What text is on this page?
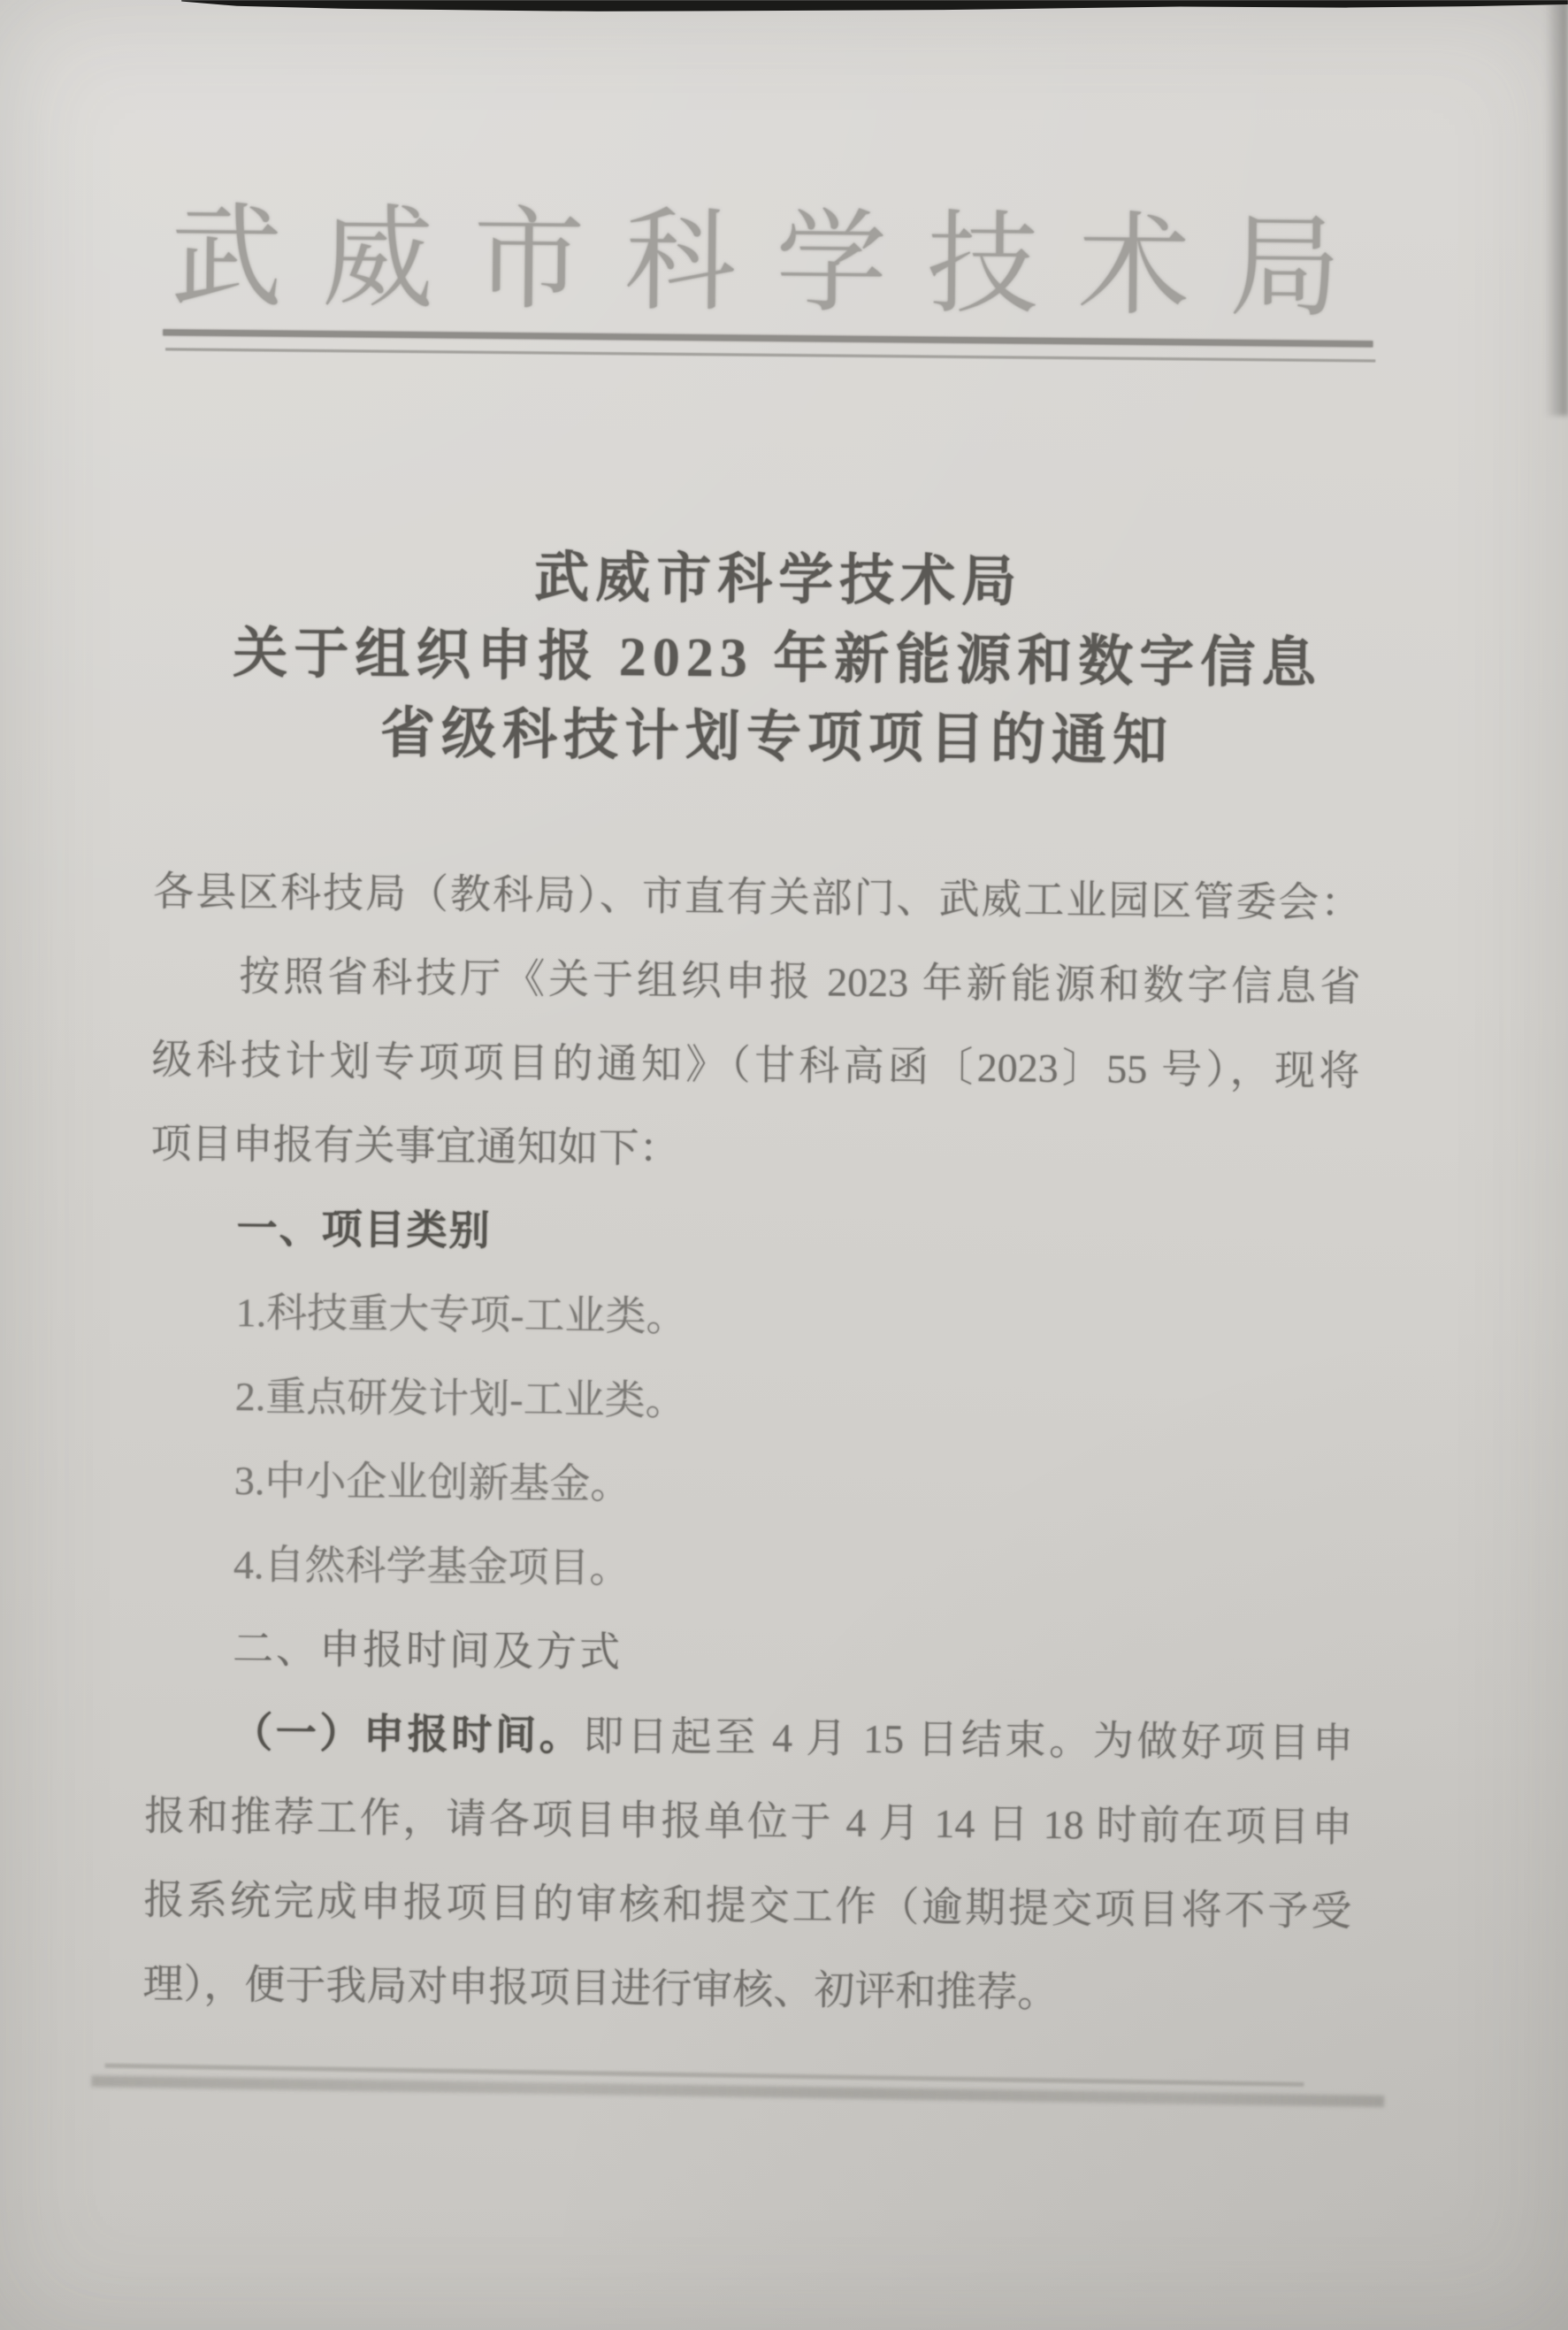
武威市科学技术局
武威市科学技术局
关于组织申报 2023 年新能源和数字信息
省级科技计划专项项目的通知
各县区科技局（教科局）、市直有关部门、武威工业园区管委会：
按照省科技厅《关于组织申报 2023 年新能源和数字信息省
级科技计划专项项目的通知》（甘科高函〔2023〕55 号），现将
项目申报有关事宜通知如下：
一、项目类别
1.科技重大专项-工业类。
2.重点研发计划-工业类。
3.中小企业创新基金。
4.自然科学基金项目。
二、申报时间及方式
（一）申报时间。即日起至 4 月 15 日结束。为做好项目申
报和推荐工作，请各项目申报单位于 4 月 14 日 18 时前在项目申
报系统完成申报项目的审核和提交工作（逾期提交项目将不予受
理），便于我局对申报项目进行审核、初评和推荐。
